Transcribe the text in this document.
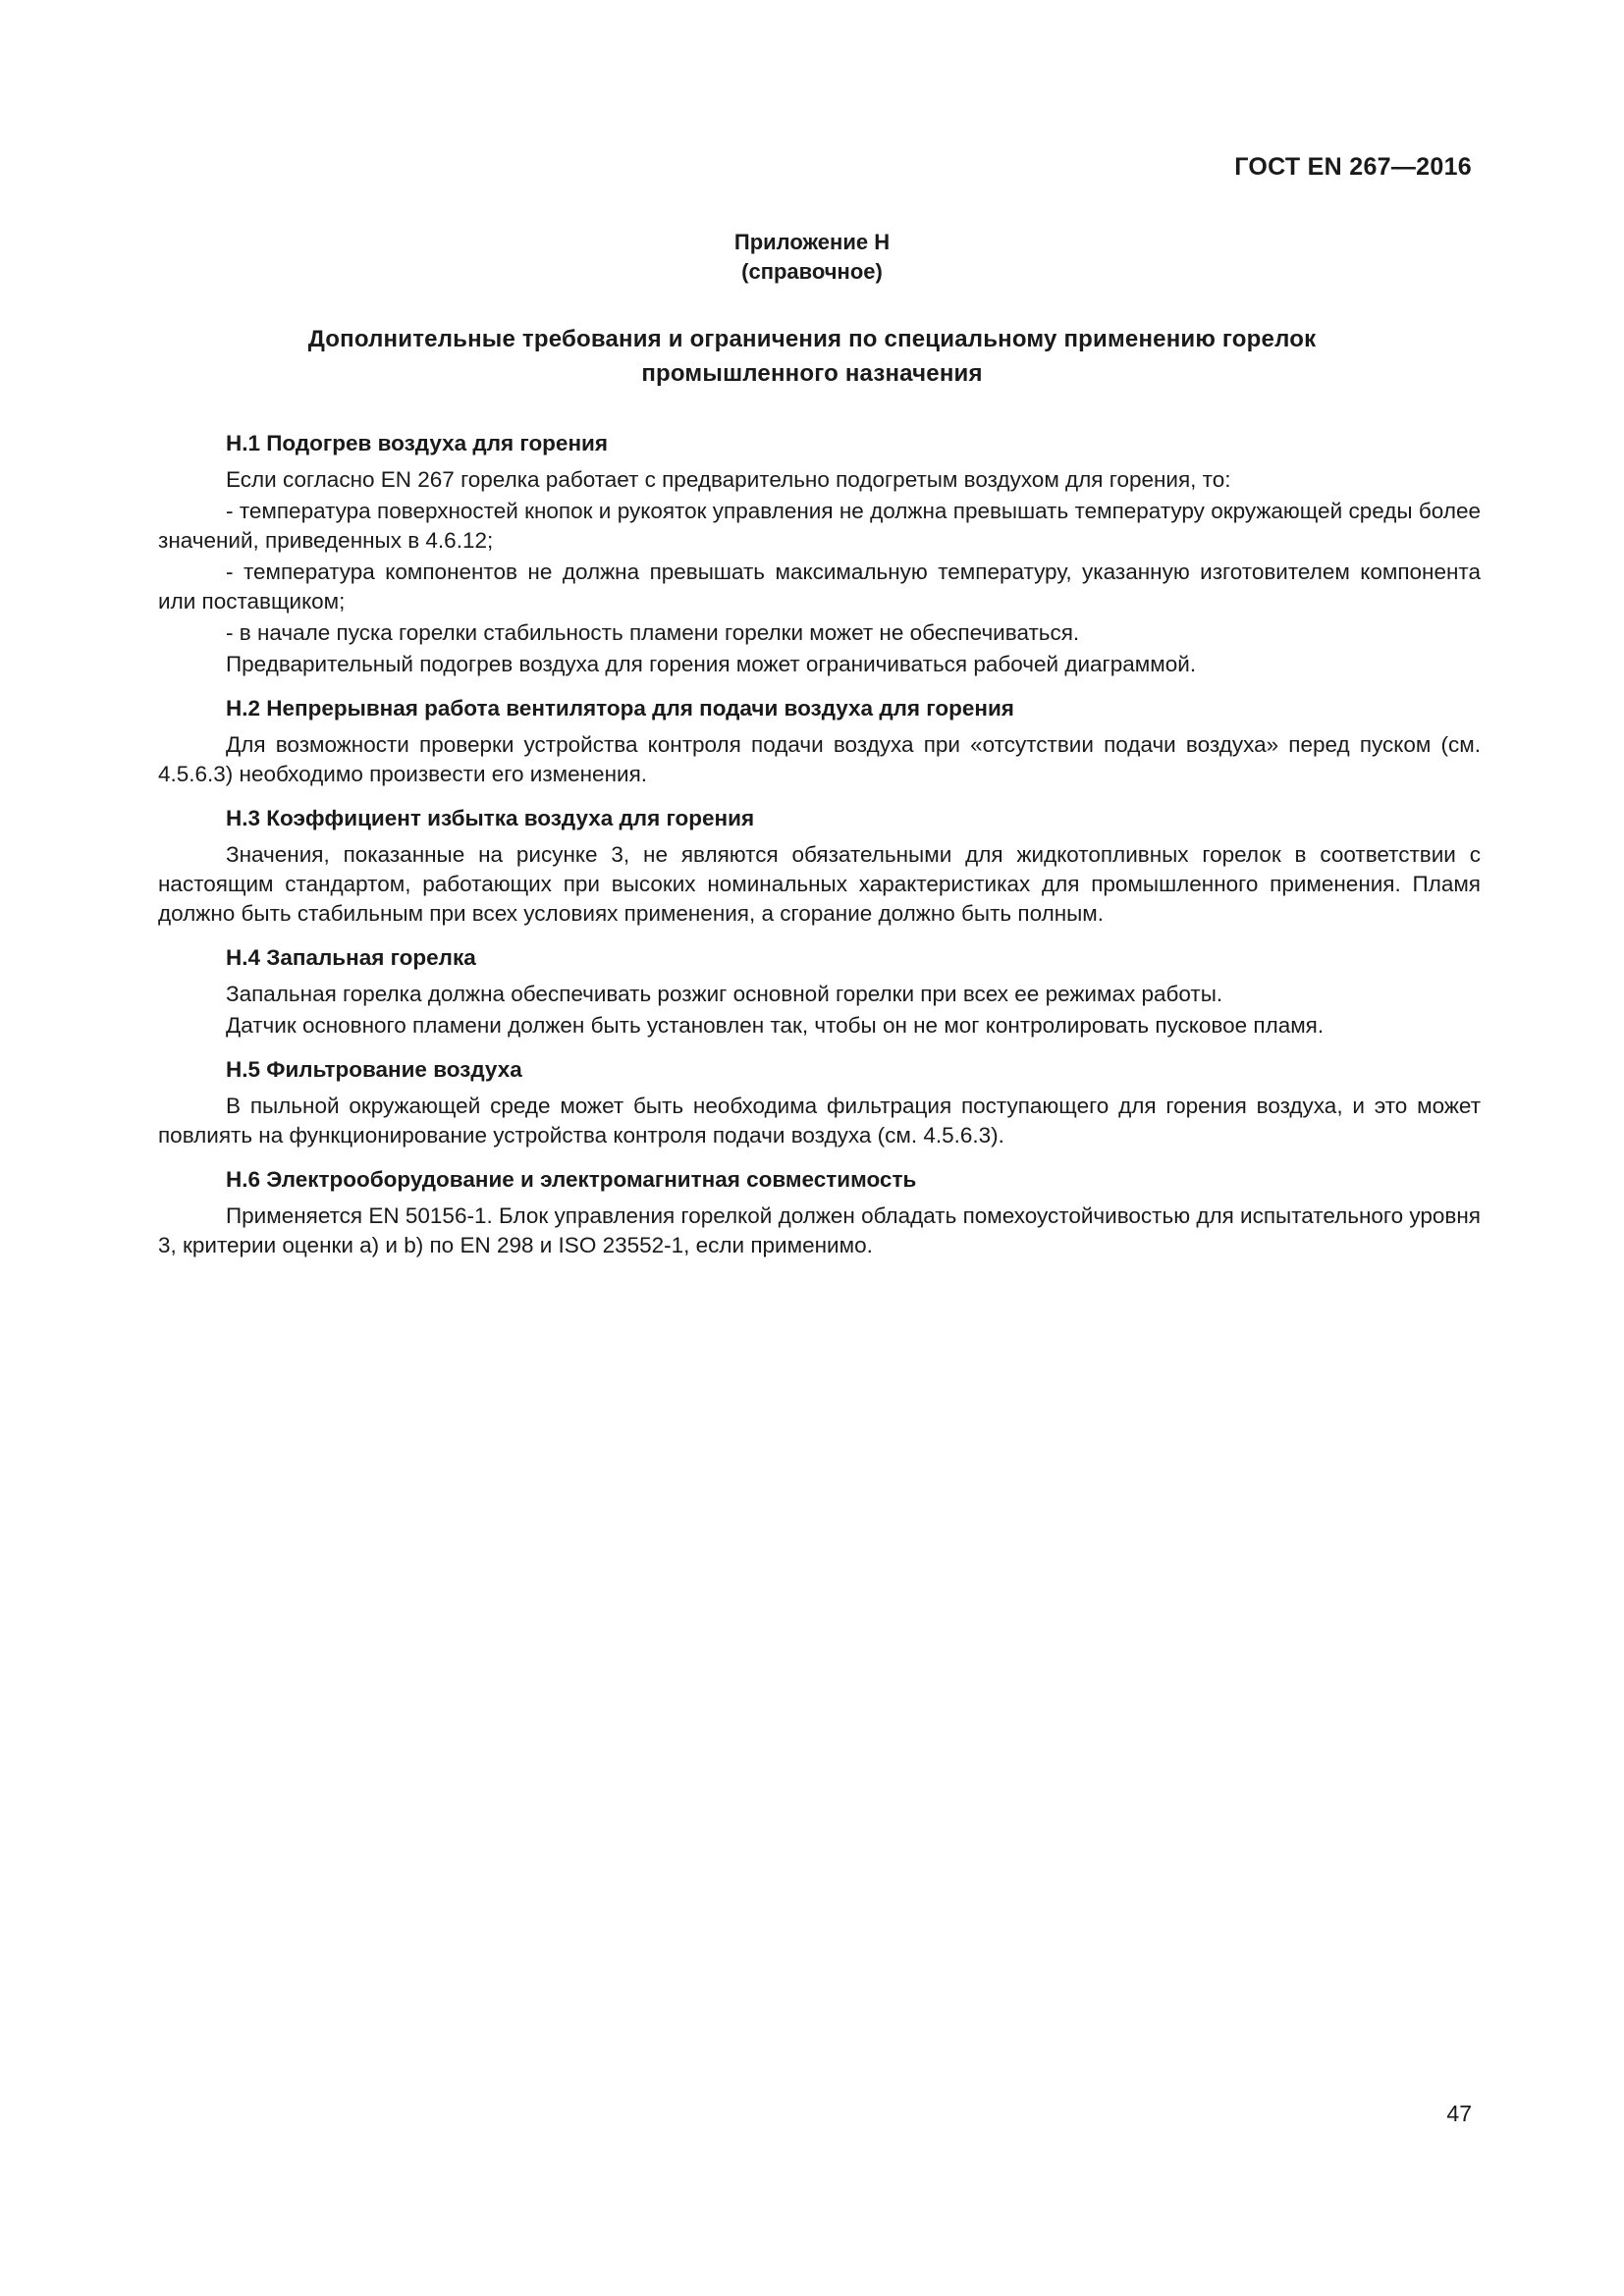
ГОСТ EN 267—2016
Приложение Н
(справочное)
Дополнительные требования и ограничения по специальному применению горелок
промышленного назначения
Н.1 Подогрев воздуха для горения

Если согласно EN 267 горелка работает с предварительно подогретым воздухом для горения, то:

- температура поверхностей кнопок и рукояток управления не должна превышать температуру окружающей среды более значений, приведенных в 4.6.12;

- температура компонентов не должна превышать максимальную температуру, указанную изготовителем компонента или поставщиком;

- в начале пуска горелки стабильность пламени горелки может не обеспечиваться.

Предварительный подогрев воздуха для горения может ограничиваться рабочей диаграммой.

Н.2 Непрерывная работа вентилятора для подачи воздуха для горения

Для возможности проверки устройства контроля подачи воздуха при «отсутствии подачи воздуха» перед пуском (см. 4.5.6.3) необходимо произвести его изменения.

Н.3 Коэффициент избытка воздуха для горения

Значения, показанные на рисунке 3, не являются обязательными для жидкотопливных горелок в соответствии с настоящим стандартом, работающих при высоких номинальных характеристиках для промышленного применения. Пламя должно быть стабильным при всех условиях применения, а сгорание должно быть полным.

Н.4 Запальная горелка

Запальная горелка должна обеспечивать розжиг основной горелки при всех ее режимах работы.

Датчик основного пламени должен быть установлен так, чтобы он не мог контролировать пусковое пламя.

Н.5 Фильтрование воздуха

В пыльной окружающей среде может быть необходима фильтрация поступающего для горения воздуха, и это может повлиять на функционирование устройства контроля подачи воздуха (см. 4.5.6.3).

Н.6 Электрооборудование и электромагнитная совместимость

Применяется EN 50156-1. Блок управления горелкой должен обладать помехоустойчивостью для испытательного уровня 3, критерии оценки a) и b) по EN 298 и ISO 23552-1, если применимо.

47
